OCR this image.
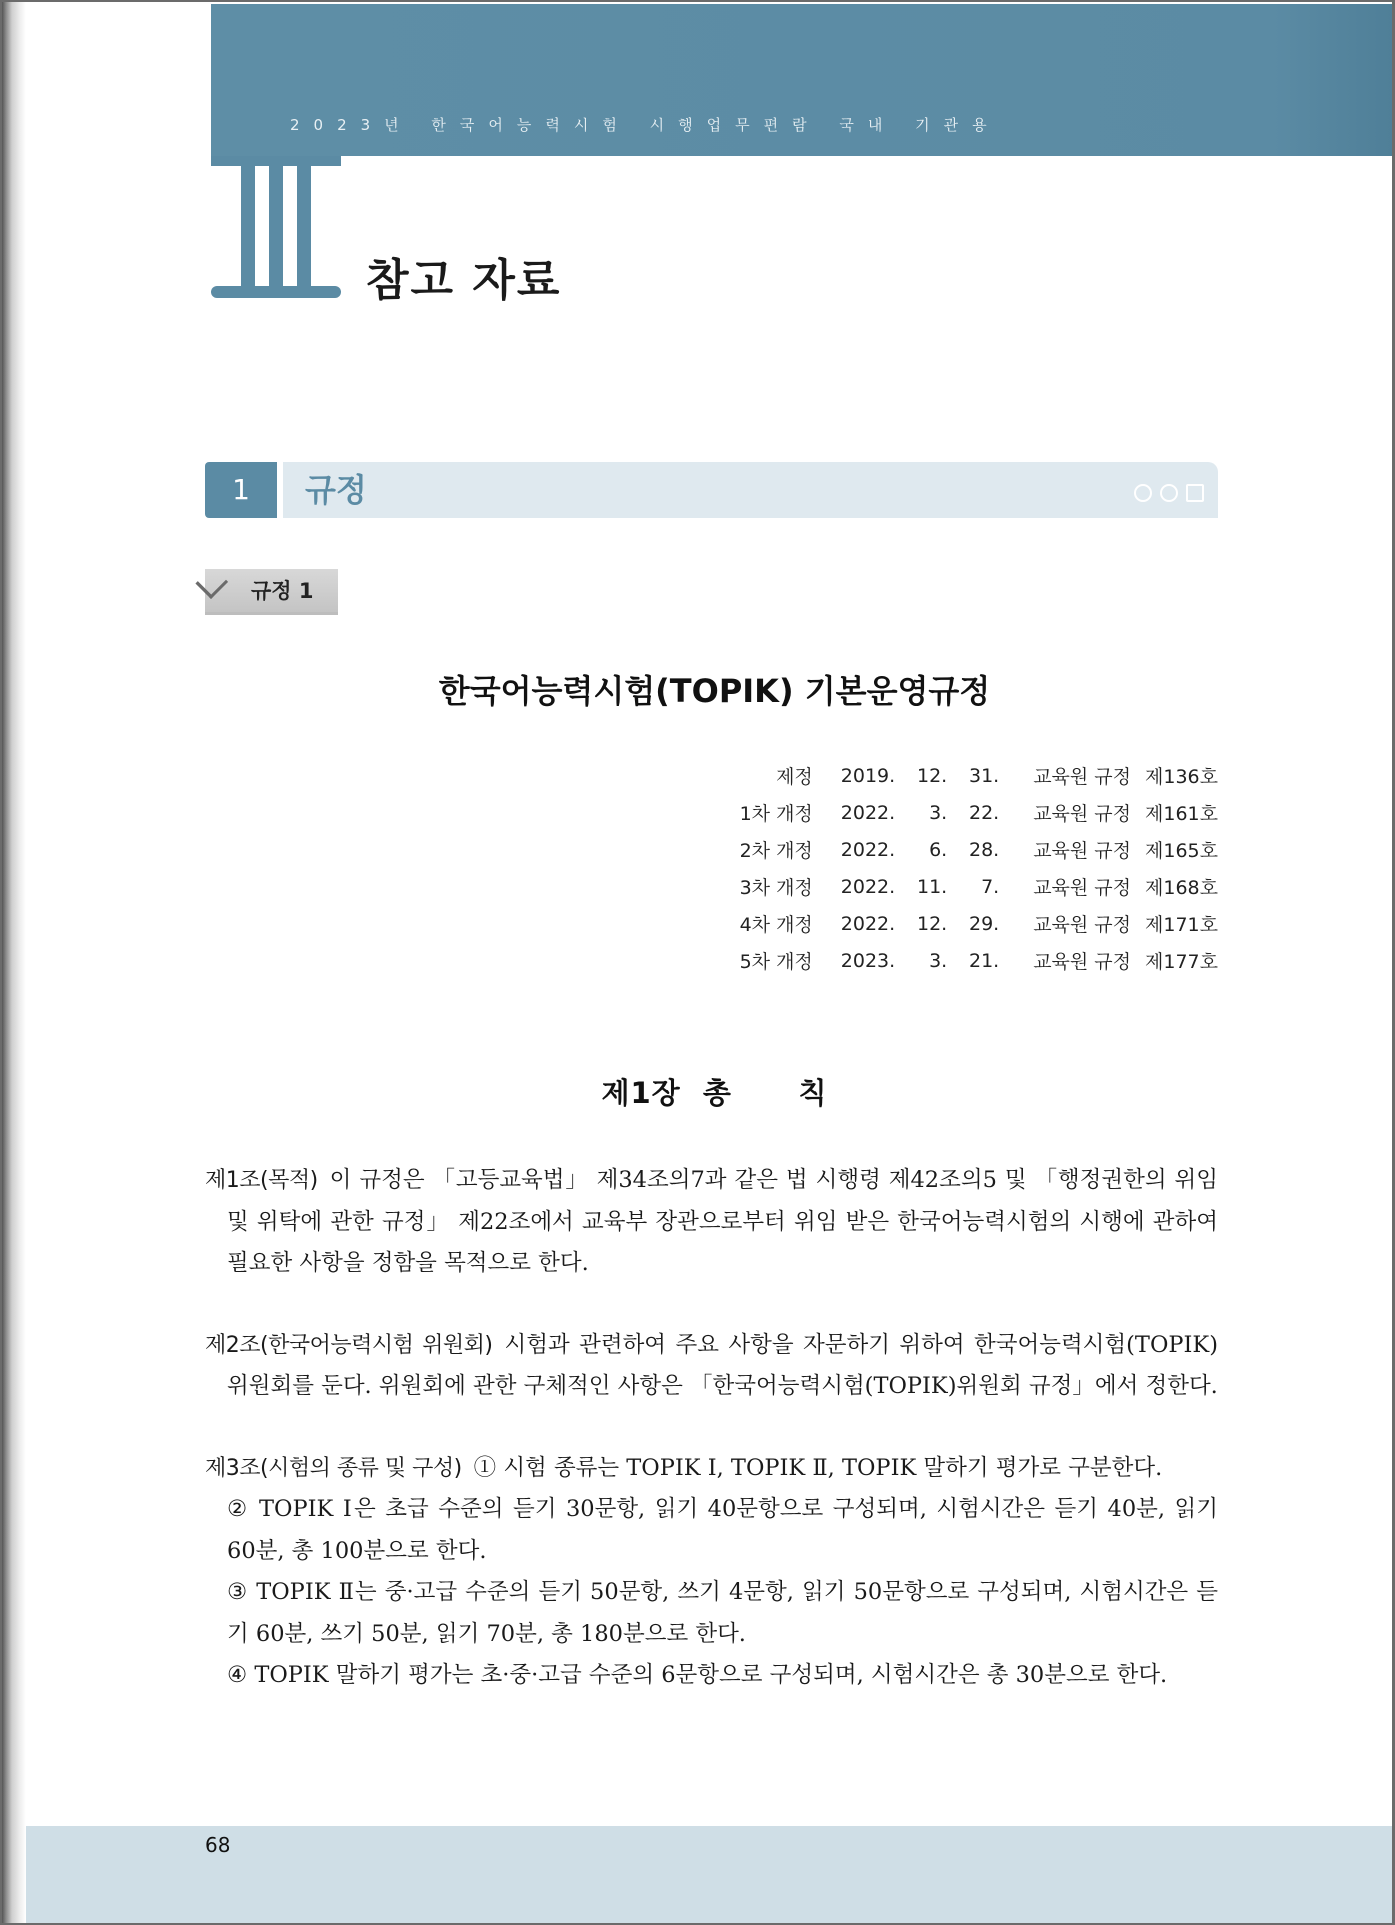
2023년 한국어능력시험 시행업무편람 국내 기관용
참고 자료
1	규정
규정 1
한국어능력시험(TOPIK) 기본운영규정
제정	2019.	12.	31.	교육원 규정	제136호
1차 개정	2022.	3.	22.	교육원 규정	제161호
2차 개정	2022.	6.	28.	교육원 규정	제165호
3차 개정	2022.	11.	7.	교육원 규정	제168호
4차 개정	2022.	12.	29.	교육원 규정	제171호
5차 개정	2023.	3.	21.	교육원 규정	제177호
제1장  총      칙

제1조(목적) 이 규정은 「고등교육법」 제34조의7과 같은 법 시행령 제42조의5 및 「행정권한의 위임 및 위탁에 관한 규정」 제22조에서 교육부 장관으로부터 위임 받은 한국어능력시험의 시행에 관하여 필요한 사항을 정함을 목적으로 한다.

제2조(한국어능력시험 위원회) 시험과 관련하여 주요 사항을 자문하기 위하여 한국어능력시험(TOPIK)위원회를 둔다. 위원회에 관한 구체적인 사항은 「한국어능력시험(TOPIK)위원회 규정」에서 정한다.

제3조(시험의 종류 및 구성) ① 시험 종류는 TOPIK Ⅰ, TOPIK Ⅱ, TOPIK 말하기 평가로 구분한다.
② TOPIK Ⅰ은 초급 수준의 듣기 30문항, 읽기 40문항으로 구성되며, 시험시간은 듣기 40분, 읽기 60분, 총 100분으로 한다.
③ TOPIK Ⅱ는 중·고급 수준의 듣기 50문항, 쓰기 4문항, 읽기 50문항으로 구성되며, 시험시간은 듣기 60분, 쓰기 50분, 읽기 70분, 총 180분으로 한다.
④ TOPIK 말하기 평가는 초·중·고급 수준의 6문항으로 구성되며, 시험시간은 총 30분으로 한다.

68
